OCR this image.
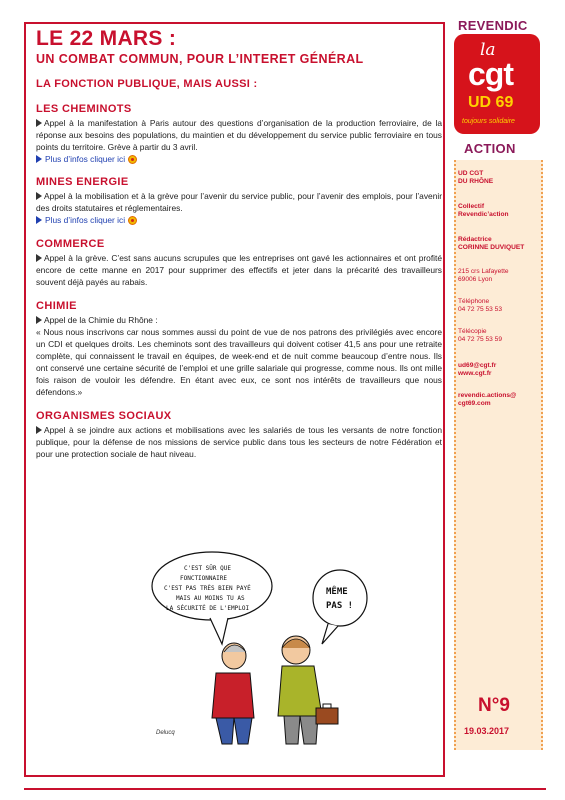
LE 22 MARS :
UN COMBAT COMMUN, POUR L’INTERET GÉNÉRAL
LA FONCTION PUBLIQUE, MAIS AUSSI :
LES CHEMINOTS

Appel à la manifestation à Paris autour des questions d’organisation de la production ferroviaire, de la réponse aux besoins des populations, du maintien et du développement du service public ferroviaire en tous points du territoire. Grève à partir du 3 avril.

Plus d’infos cliquer ici
MINES ENERGIE

Appel à la mobilisation et à la grève pour l’avenir du service public, pour l’avenir des emplois, pour l’avenir des droits statutaires et réglementaires.

Plus d’infos cliquer ici
COMMERCE

Appel à la grève. C’est sans aucuns scrupules que les entreprises ont gavé les actionnaires et ont profité encore de cette manne en 2017 pour supprimer des effectifs et jeter dans la précarité des travailleurs souvent déjà payés au rabais.

CHIMIE

Appel de la Chimie du Rhône :

« Nous nous inscrivons car nous sommes aussi du point de vue de nos patrons des privilégiés avec encore un CDI et quelques droits. Les cheminots sont des travailleurs qui doivent cotiser 41,5 ans pour une retraite complète, qui connaissent le travail en équipes, de week-end et de nuit comme beaucoup d’entre nous. Ils ont conservé une certaine sécurité de l’emploi et une grille salariale qui progresse, comme nous. Ils ont mille fois raison de vouloir les défendre. En étant avec eux, ce sont nos intérêts de travailleurs que nous défendons.»

ORGANISMES SOCIAUX

Appel à se joindre aux actions et mobilisations avec les salariés de tous les versants de notre fonction publique, pour la défense de nos missions de service public dans tous les secteurs de notre Fédération et pour une protection sociale de haut niveau.

C'EST SÛR QUE
FONCTIONNAIRE
C'EST PAS TRÈS BIEN PAYÉ
MAIS AU MOINS TU AS
LA SÉCURITÉ DE L'EMPLOI
MÊME
PAS !
Delucq
REVENDIC
la
cgt
UD 69
toujours solidaire
ACTION
UD CGT
DU RHÔNE
Collectif
Revendic’action
Rédactrice
CORINNE DUVIQUET
215 crs Lafayette
69006 Lyon
Téléphone
04 72 75 53 53
Télécopie
04 72 75 53 59
ud69@cgt.fr
www.cgt.fr
revendic.actions@
cgt69.com
N°9
19.03.2017
